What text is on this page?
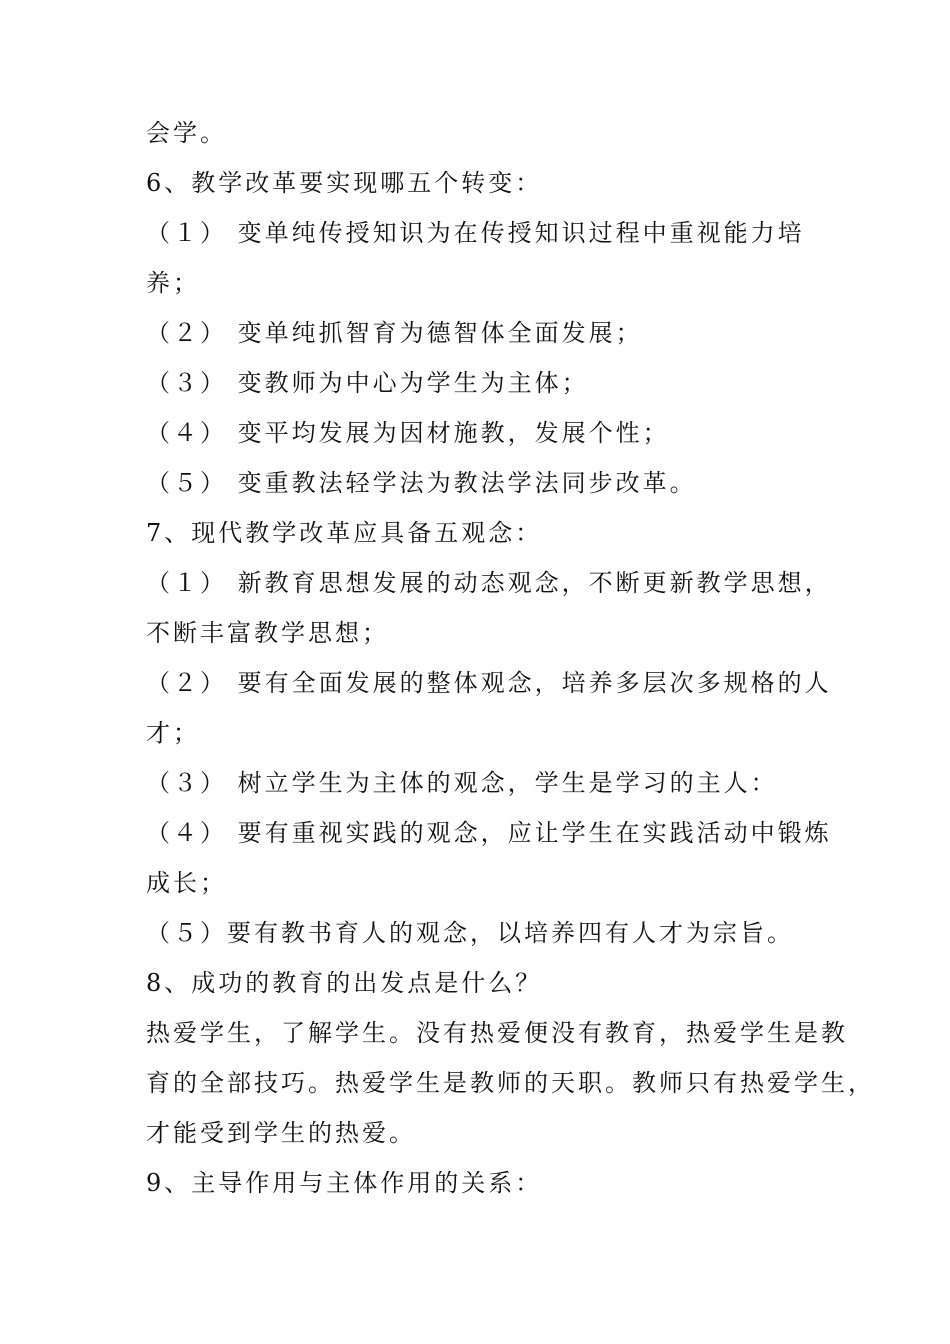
会学。
6、教学改革要实现哪五个转变：
（１） 变单纯传授知识为在传授知识过程中重视能力培
养；
（２） 变单纯抓智育为德智体全面发展；
（３） 变教师为中心为学生为主体；
（４） 变平均发展为因材施教，发展个性；
（５） 变重教法轻学法为教法学法同步改革。
7、现代教学改革应具备五观念：
（１） 新教育思想发展的动态观念，不断更新教学思想，
不断丰富教学思想；
（２） 要有全面发展的整体观念，培养多层次多规格的人
才；
（３） 树立学生为主体的观念，学生是学习的主人：
（４） 要有重视实践的观念，应让学生在实践活动中锻炼
成长；
（５）要有教书育人的观念，以培养四有人才为宗旨。
8、成功的教育的出发点是什么？
热爱学生，了解学生。没有热爱便没有教育，热爱学生是教
育的全部技巧。热爱学生是教师的天职。教师只有热爱学生，
才能受到学生的热爱。
9、主导作用与主体作用的关系：
